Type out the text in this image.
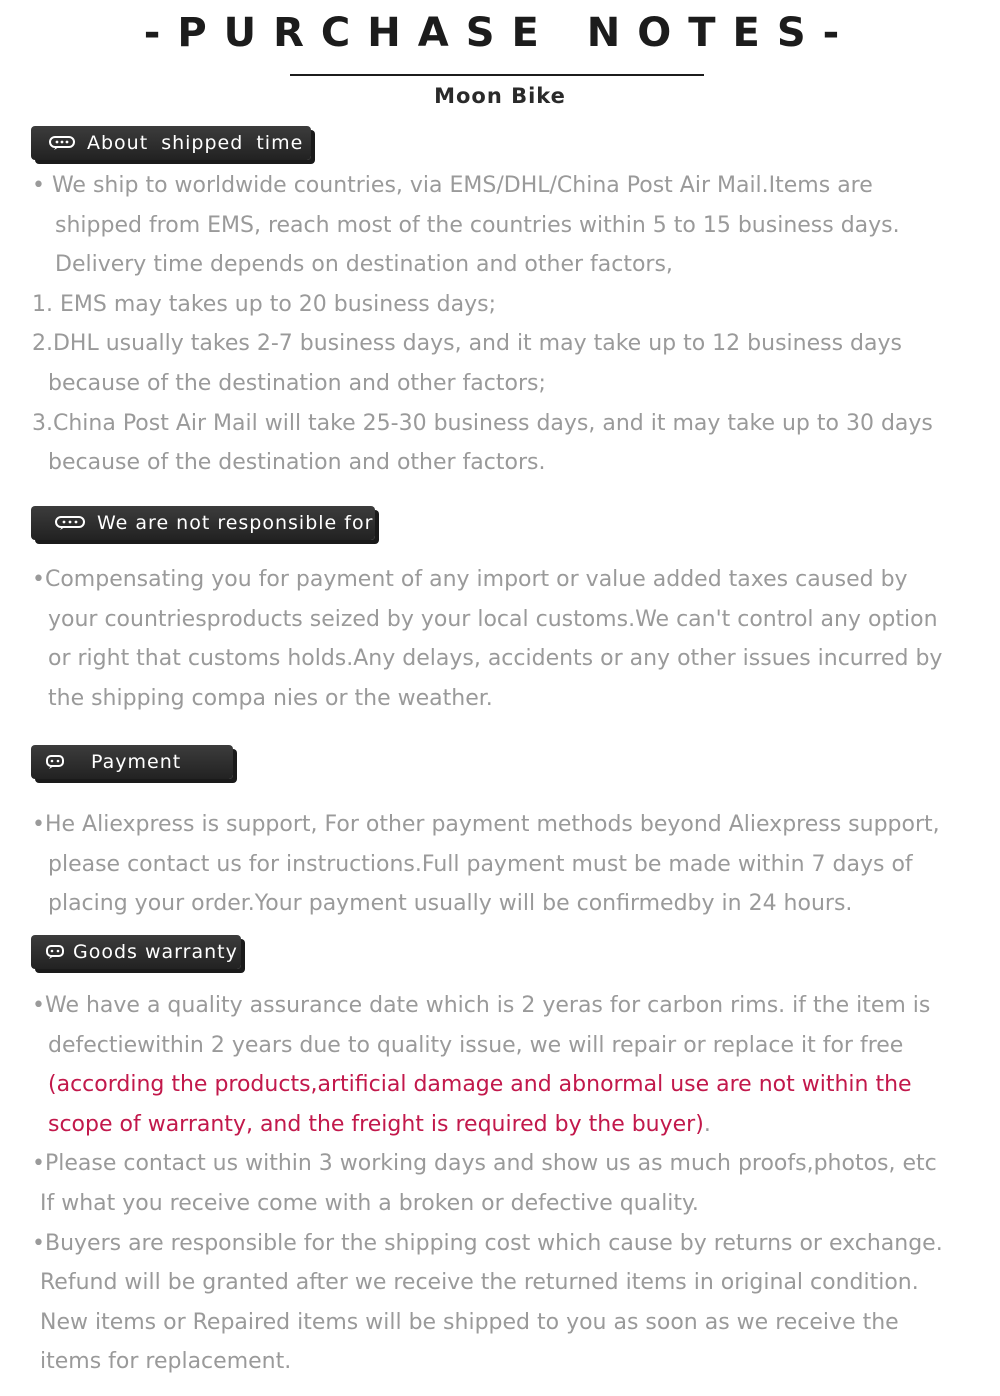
-PURCHASE NOTES-
Moon Bike
About shipped time
• We ship to worldwide countries, via EMS/DHL/China Post Air Mail.Items are
shipped from EMS, reach most of the countries within 5 to 15 business days.
Delivery time depends on destination and other factors,
1. EMS may takes up to 20 business days;
2.DHL usually takes 2-7 business days, and it may take up to 12 business days
because of the destination and other factors;
3.China Post Air Mail will take 25-30 business days, and it may take up to 30 days
because of the destination and other factors.
We are not responsible for
•Compensating you for payment of any import or value added taxes caused by
your countriesproducts seized by your local customs.We can't control any option
or right that customs holds.Any delays, accidents or any other issues incurred by
the shipping compa nies or the weather.
Payment
•He Aliexpress is support, For other payment methods beyond Aliexpress support,
please contact us for instructions.Full payment must be made within 7 days of
placing your order.Your payment usually will be confirmedby in 24 hours.
Goods warranty
•We have a quality assurance date which is 2 yeras for carbon rims. if the item is
defectiewithin 2 years due to quality issue, we will repair or replace it for free
(according the products,artificial damage and abnormal use are not within the
scope of warranty, and the freight is required by the buyer).
•Please contact us within 3 working days and show us as much proofs,photos, etc
If what you receive come with a broken or defective quality.
•Buyers are responsible for the shipping cost which cause by returns or exchange.
Refund will be granted after we receive the returned items in original condition.
New items or Repaired items will be shipped to you as soon as we receive the
items for replacement.
